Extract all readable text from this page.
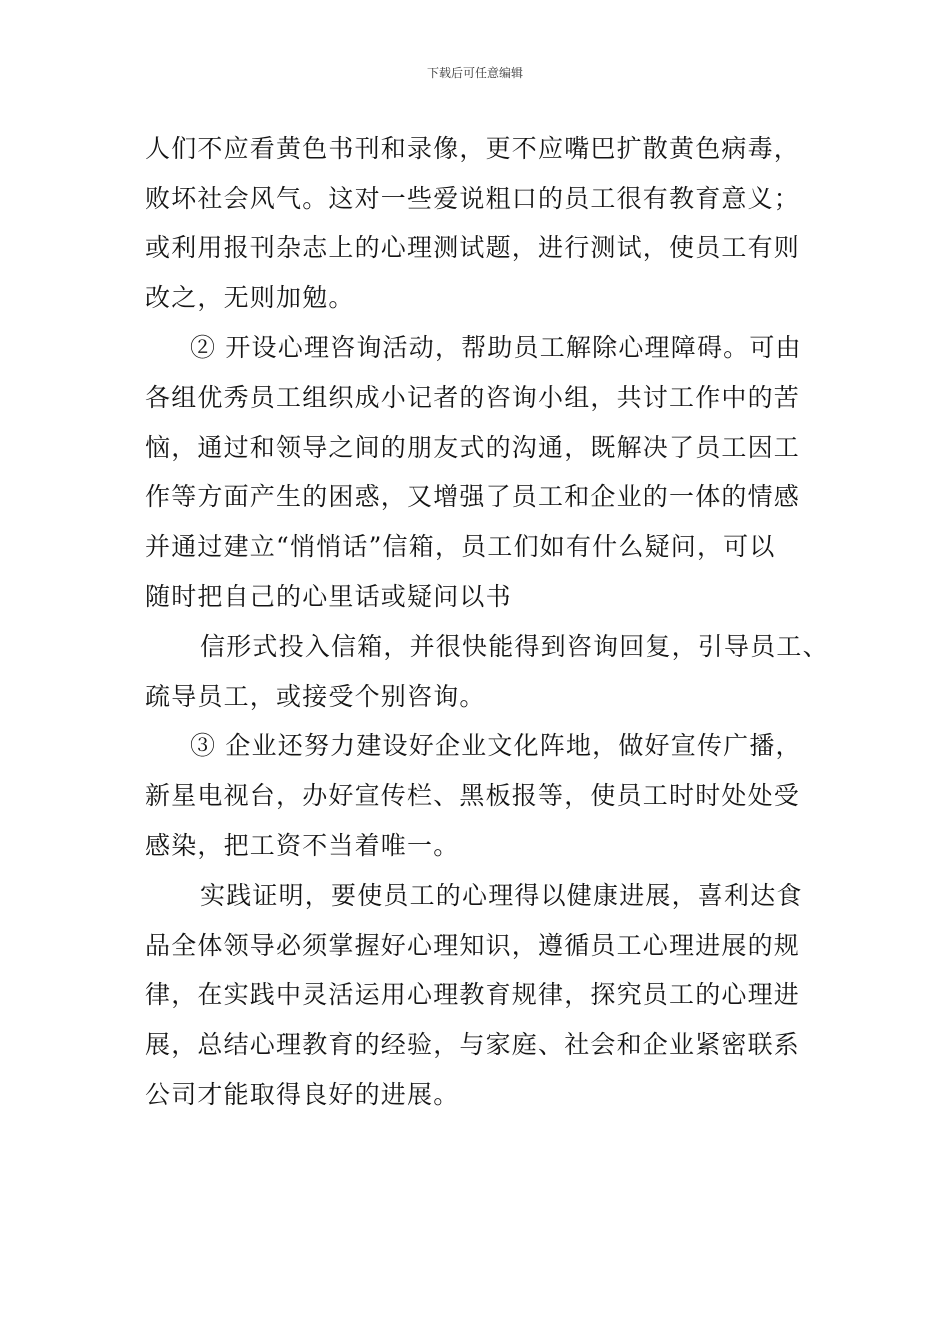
下载后可任意编辑
人们不应看黄色书刊和录像，更不应嘴巴扩散黄色病毒，
败坏社会风气。这对一些爱说粗口的员工很有教育意义；
或利用报刊杂志上的心理测试题，进行测试，使员工有则
改之，无则加勉。
② 开设心理咨询活动，帮助员工解除心理障碍。可由
各组优秀员工组织成小记者的咨询小组，共讨工作中的苦
恼，通过和领导之间的朋友式的沟通，既解决了员工因工
作等方面产生的困惑，又增强了员工和企业的一体的情感
并通过建立“悄悄话”信箱，员工们如有什么疑问，可以
随时把自己的心里话或疑问以书
信形式投入信箱，并很快能得到咨询回复，引导员工、
疏导员工，或接受个别咨询。
③ 企业还努力建设好企业文化阵地，做好宣传广播，
新星电视台，办好宣传栏、黑板报等，使员工时时处处受
感染，把工资不当着唯一。
实践证明，要使员工的心理得以健康进展，喜利达食
品全体领导必须掌握好心理知识，遵循员工心理进展的规
律，在实践中灵活运用心理教育规律，探究员工的心理进
展，总结心理教育的经验，与家庭、社会和企业紧密联系
公司才能取得良好的进展。
